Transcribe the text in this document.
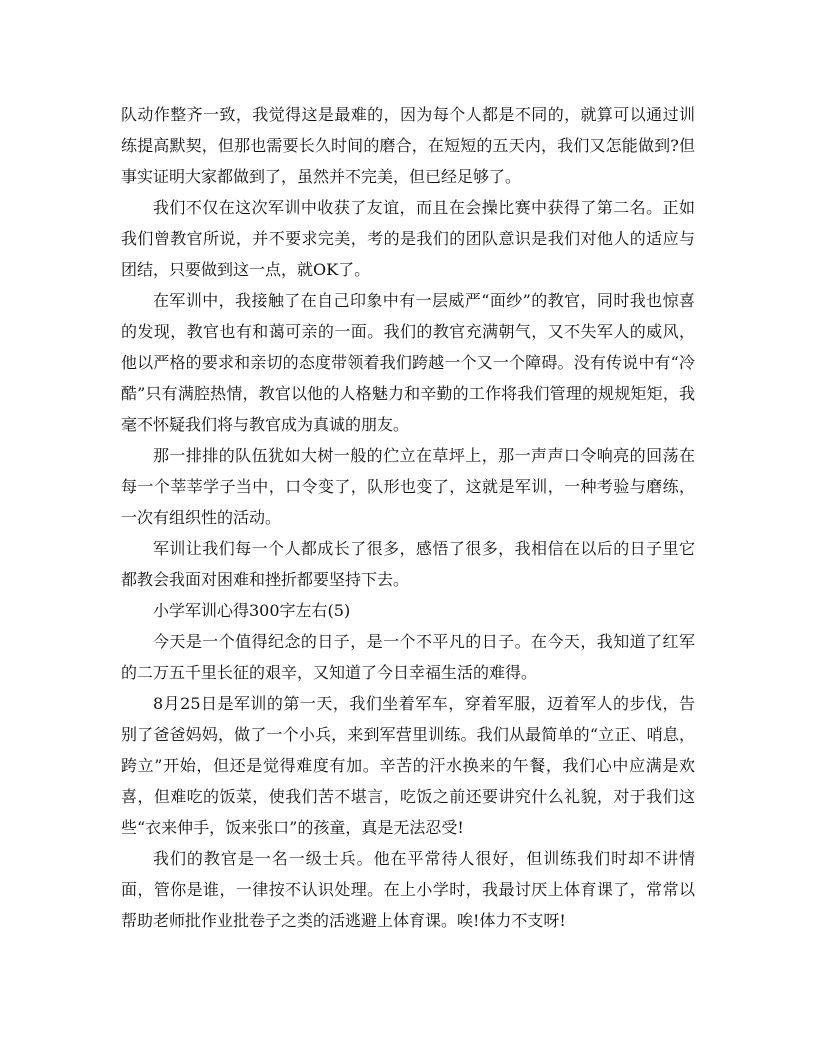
队动作整齐一致，我觉得这是最难的，因为每个人都是不同的，就算可以通过训练提高默契，但那也需要长久时间的磨合，在短短的五天内，我们又怎能做到?但事实证明大家都做到了，虽然并不完美，但已经足够了。

我们不仅在这次军训中收获了友谊，而且在会操比赛中获得了第二名。正如我们曾教官所说，并不要求完美，考的是我们的团队意识是我们对他人的适应与团结，只要做到这一点，就OK了。

在军训中，我接触了在自己印象中有一层威严“面纱”的教官，同时我也惊喜的发现，教官也有和蔼可亲的一面。我们的教官充满朝气，又不失军人的威风，他以严格的要求和亲切的态度带领着我们跨越一个又一个障碍。没有传说中有“冷酷”只有满腔热情，教官以他的人格魅力和辛勤的工作将我们管理的规规矩矩，我毫不怀疑我们将与教官成为真诚的朋友。

那一排排的队伍犹如大树一般的伫立在草坪上，那一声声口令响亮的回荡在每一个莘莘学子当中，口令变了，队形也变了，这就是军训，一种考验与磨练，一次有组织性的活动。

军训让我们每一个人都成长了很多，感悟了很多，我相信在以后的日子里它都教会我面对困难和挫折都要坚持下去。

小学军训心得300字左右(5)

今天是一个值得纪念的日子，是一个不平凡的日子。在今天，我知道了红军的二万五千里长征的艰辛，又知道了今日幸福生活的难得。

8月25日是军训的第一天，我们坐着军车，穿着军服，迈着军人的步伐，告别了爸爸妈妈，做了一个小兵，来到军营里训练。我们从最简单的“立正、哨息，跨立”开始，但还是觉得难度有加。辛苦的汗水换来的午餐，我们心中应满是欢喜，但难吃的饭菜，使我们苦不堪言，吃饭之前还要讲究什么礼貌，对于我们这些“衣来伸手，饭来张口”的孩童，真是无法忍受!

我们的教官是一名一级士兵。他在平常待人很好，但训练我们时却不讲情面，管你是谁，一律按不认识处理。在上小学时，我最讨厌上体育课了，常常以帮助老师批作业批卷子之类的活逃避上体育课。唉!体力不支呀!
